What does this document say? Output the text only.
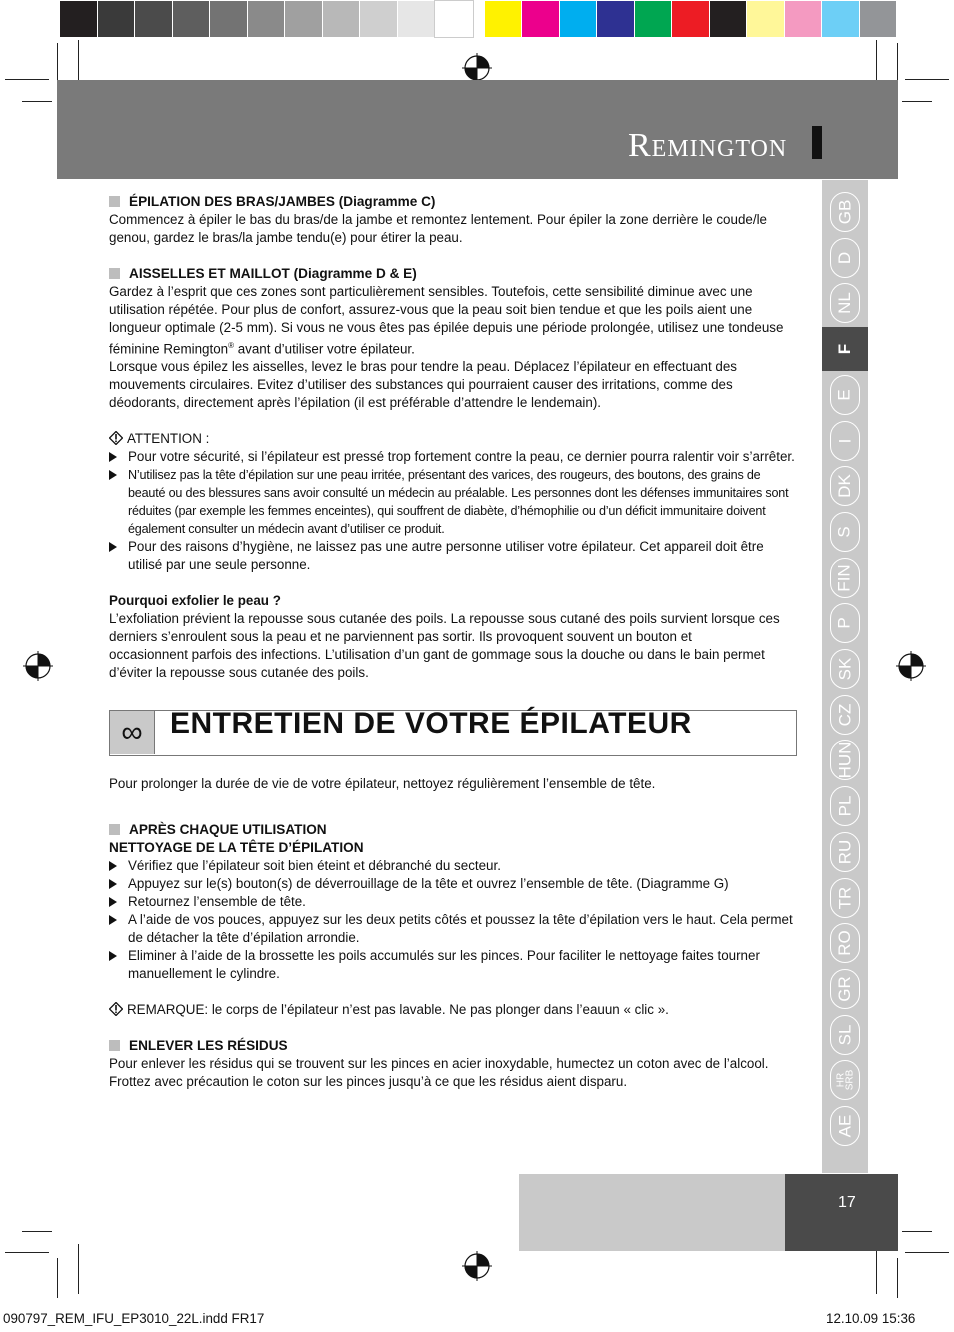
Remington
GB
D
NL
F
E
I
DK
S
FIN
P
SK
CZ
HUN
PL
RU
TR
RO
GR
SL
HR
SRB
AE
ÉPILATION DES BRAS/JAMBES (Diagramme C)

Commencez à épiler le bas du bras/de la jambe et remontez lentement. Pour épiler la zone derrière le coude/le genou, gardez le bras/la jambe tendu(e) pour étirer la peau.

AISSELLES ET MAILLOT (Diagramme D & E)

Gardez à l’esprit que ces zones sont particulièrement sensibles. Toutefois, cette sensibilité diminue avec une utilisation répétée. Pour plus de confort, assurez-vous que la peau soit bien tendue et que les poils aient une longueur optimale (2-5 mm). Si vous ne vous êtes pas épilée depuis une période prolongée, utilisez une tondeuse féminine Remington® avant d’utiliser votre épilateur.

Lorsque vous épilez les aisselles, levez le bras pour tendre la peau. Déplacez l’épilateur en effectuant des mouvements circulaires. Evitez d’utiliser des substances qui pourraient causer des irritations, comme des déodorants, directement après l’épilation (il est préférable d’attendre le lendemain).

ATTENTION :
Pour votre sécurité, si l’épilateur est pressé trop fortement contre la peau, ce dernier pourra ralentir voir s’arrêter.
N’utilisez pas la tête d’épilation sur une peau irritée, présentant des varices, des rougeurs, des boutons, des grains de beauté ou des blessures sans avoir consulté un médecin au préalable. Les personnes dont les défenses immunitaires sont réduites (par exemple les femmes enceintes), qui souffrent de diabète, d’hémophilie ou d’un déficit immunitaire doivent également consulter un médecin avant d’utiliser ce produit.
Pour des raisons d’hygiène, ne laissez pas une autre personne utiliser votre épilateur. Cet appareil doit être utilisé par une seule personne.
Pourquoi exfolier le peau ?

L’exfoliation prévient la repousse sous cutanée des poils. La repousse sous cutané des poils survient lorsque ces derniers s’enroulent sous la peau et ne parviennent pas sortir. Ils provoquent souvent un bouton et

occasionnent parfois des infections. L’utilisation d’un gant de gommage sous la douche ou dans le bain permet d’éviter la repousse sous cutanée des poils.

∞ ENTRETIEN DE VOTRE ÉPILATEUR

Pour prolonger la durée de vie de votre épilateur, nettoyez régulièrement l’ensemble de tête.

APRÈS CHAQUE UTILISATION
NETTOYAGE DE LA TÊTE D’ÉPILATION
Vérifiez que l’épilateur soit bien éteint et débranché du secteur.
Appuyez sur le(s) bouton(s) de déverrouillage de la tête et ouvrez l’ensemble de tête. (Diagramme G)
Retournez l’ensemble de tête.
A l’aide de vos pouces, appuyez sur les deux petits côtés et poussez la tête d’épilation vers le haut. Cela permet de détacher la tête d’épilation arrondie.
Eliminer à l’aide de la brossette les poils accumulés sur les pinces. Pour faciliter le nettoyage faites tourner manuellement le cylindre.
REMARQUE: le corps de l’épilateur n’est pas lavable. Ne pas plonger dans l’eauun « clic ».
ENLEVER LES RÉSIDUS

Pour enlever les résidus qui se trouvent sur les pinces en acier inoxydable, humectez un coton avec de l’alcool. Frottez avec précaution le coton sur les pinces jusqu’à ce que les résidus aient disparu.

17
090797_REM_IFU_EP3010_22L.indd FR17	12.10.09 15:36
